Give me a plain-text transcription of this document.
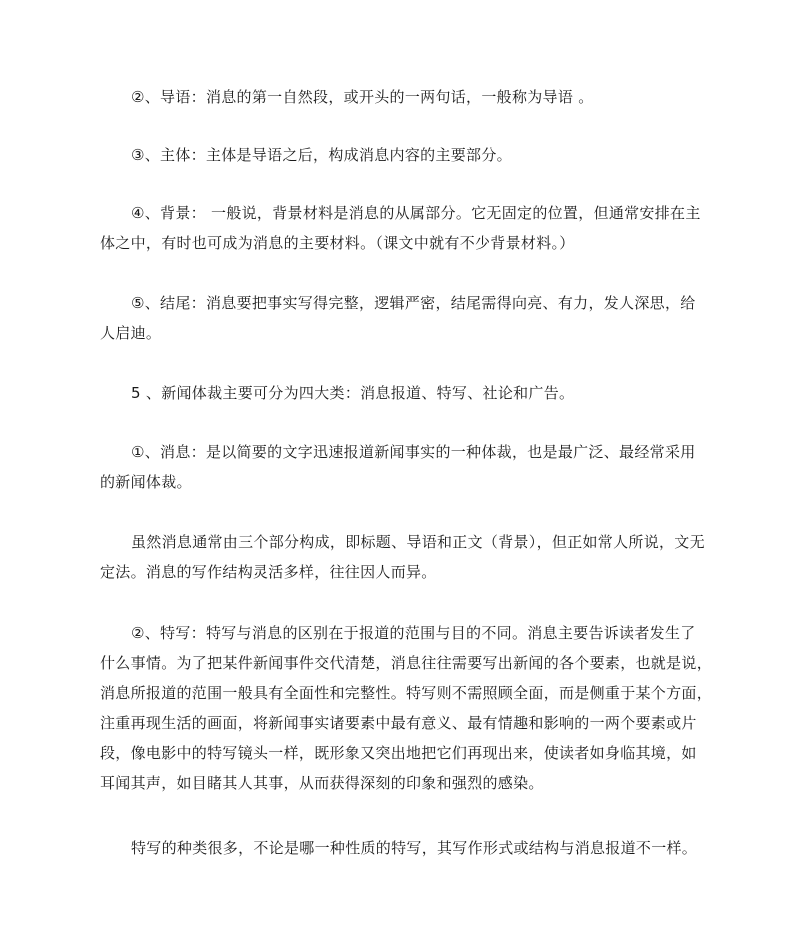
②、导语：消息的第一自然段，或开头的一两句话，一般称为导语 。
③、主体：主体是导语之后，构成消息内容的主要部分。
④、背景： 一般说，背景材料是消息的从属部分。它无固定的位置，但通常安排在主
体之中，有时也可成为消息的主要材料。（课文中就有不少背景材料。）
⑤、结尾：消息要把事实写得完整，逻辑严密，结尾需得向亮、有力，发人深思，给
人启迪。
5 、新闻体裁主要可分为四大类：消息报道、特写、社论和广告。
①、消息：是以简要的文字迅速报道新闻事实的一种体裁，也是最广泛、最经常采用
的新闻体裁。
虽然消息通常由三个部分构成，即标题、导语和正文（背景），但正如常人所说，文无
定法。消息的写作结构灵活多样，往往因人而异。
②、特写：特写与消息的区别在于报道的范围与目的不同。消息主要告诉读者发生了
什么事情。为了把某件新闻事件交代清楚，消息往往需要写出新闻的各个要素，也就是说，
消息所报道的范围一般具有全面性和完整性。特写则不需照顾全面，而是侧重于某个方面，
注重再现生活的画面，将新闻事实诸要素中最有意义、最有情趣和影响的一两个要素或片
段，像电影中的特写镜头一样，既形象又突出地把它们再现出来，使读者如身临其境，如
耳闻其声，如目睹其人其事，从而获得深刻的印象和强烈的感染。
特写的种类很多，不论是哪一种性质的特写，其写作形式或结构与消息报道不一样。
